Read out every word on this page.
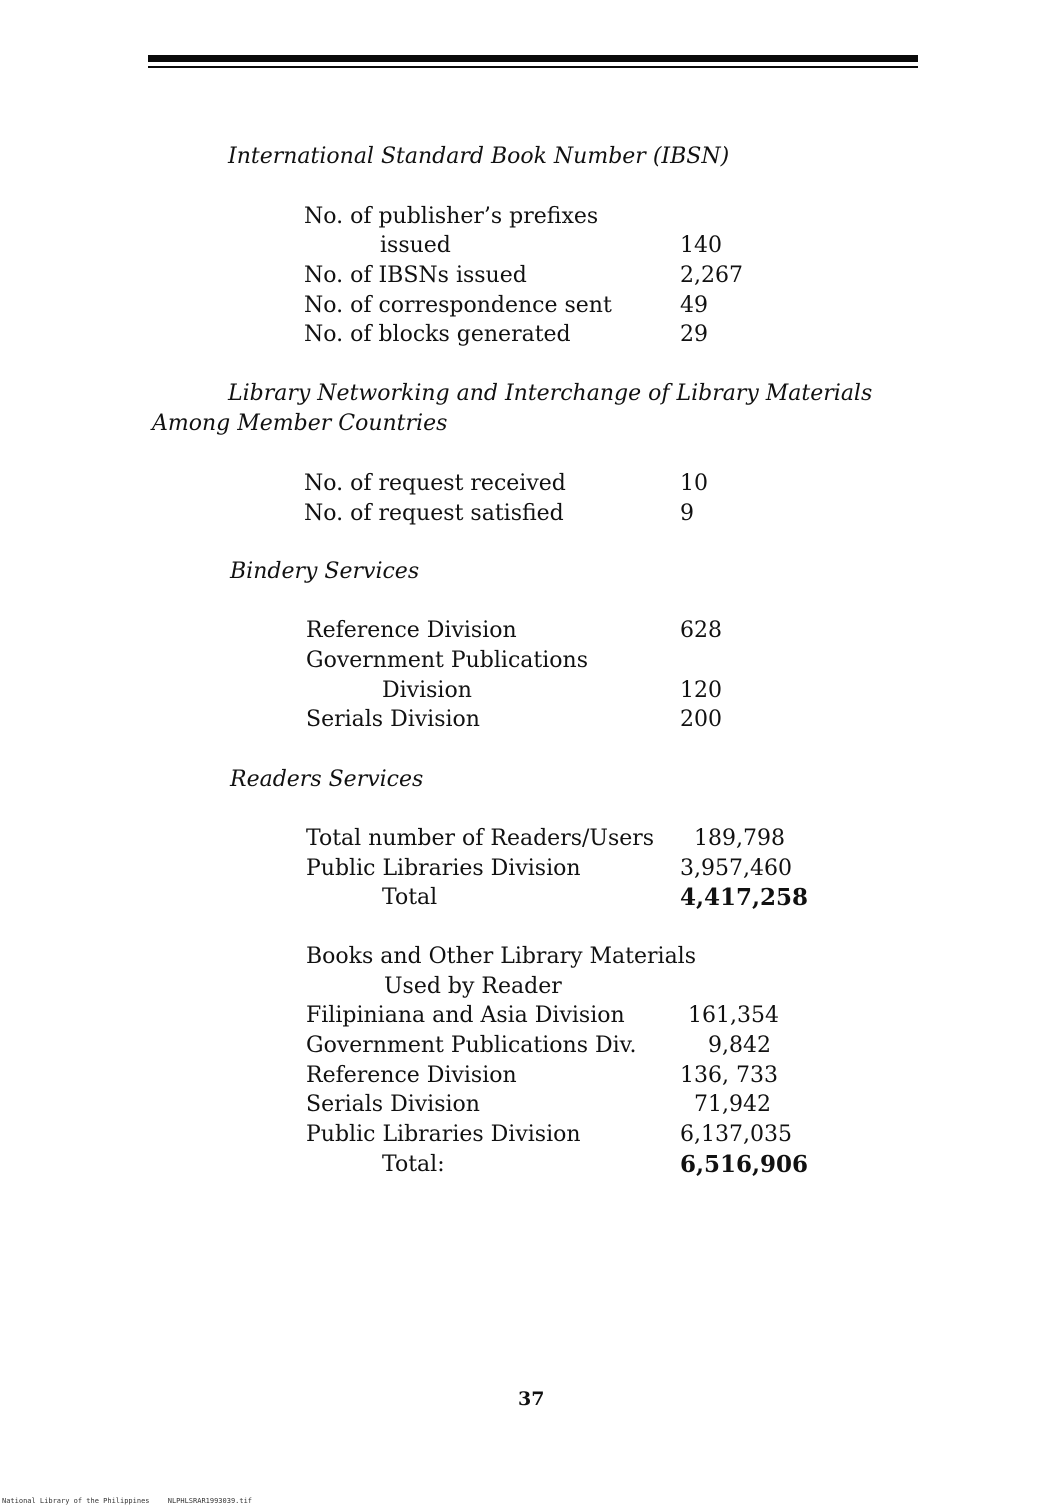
International Standard Book Number (IBSN)
No. of publisher’s prefixes
issued	140
No. of IBSNs issued	2,267
No. of correspondence sent	49
No. of blocks generated	29
Library Networking and Interchange of Library Materials
Among Member Countries
No. of request received	10
No. of request satisfied	9
Bindery Services
Reference Division	628
Government Publications
Division	120
Serials Division	200
Readers Services
Total number of Readers/Users 189,798
Public Libraries Division	3,957,460
Total	4,417,258
Books and Other Library Materials
Used by Reader
Filipiniana and Asia Division	161,354
Government Publications Div.	9,842
Reference Division	136, 733
Serials Division	71,942
Public Libraries Division	6,137,035
Total:	6,516,906
37
National Library of the Philippines	NLPHLSRAR1993039.tif
